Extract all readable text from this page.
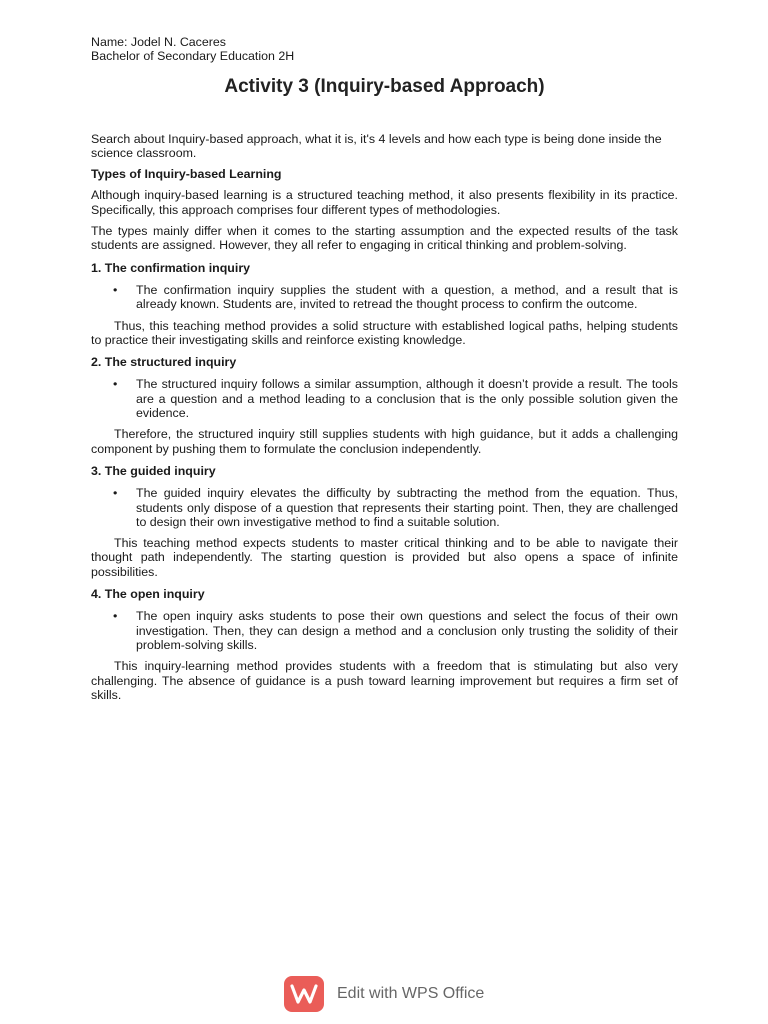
Name: Jodel N. Caceres

Bachelor of Secondary Education 2H

Activity 3 (Inquiry-based Approach)

Search about Inquiry-based approach, what it is, it's 4 levels and how each type is being done inside the science classroom.

Types of Inquiry-based Learning

Although inquiry-based learning is a structured teaching method, it also presents flexibility in its practice. Specifically, this approach comprises four different types of methodologies.

The types mainly differ when it comes to the starting assumption and the expected results of the task students are assigned. However, they all refer to engaging in critical thinking and problem-solving.

1. The confirmation inquiry

• The confirmation inquiry supplies the student with a question, a method, and a result that is already known. Students are, invited to retread the thought process to confirm the outcome.

Thus, this teaching method provides a solid structure with established logical paths, helping students to practice their investigating skills and reinforce existing knowledge.

2. The structured inquiry

• The structured inquiry follows a similar assumption, although it doesn’t provide a result. The tools are a question and a method leading to a conclusion that is the only possible solution given the evidence.

Therefore, the structured inquiry still supplies students with high guidance, but it adds a challenging component by pushing them to formulate the conclusion independently.

3. The guided inquiry

• The guided inquiry elevates the difficulty by subtracting the method from the equation. Thus, students only dispose of a question that represents their starting point. Then, they are challenged to design their own investigative method to find a suitable solution.

This teaching method expects students to master critical thinking and to be able to navigate their thought path independently. The starting question is provided but also opens a space of infinite possibilities.

4. The open inquiry

• The open inquiry asks students to pose their own questions and select the focus of their own investigation. Then, they can design a method and a conclusion only trusting the solidity of their problem-solving skills.

This inquiry-learning method provides students with a freedom that is stimulating but also very challenging. The absence of guidance is a push toward learning improvement but requires a firm set of skills.

Edit with WPS Office
